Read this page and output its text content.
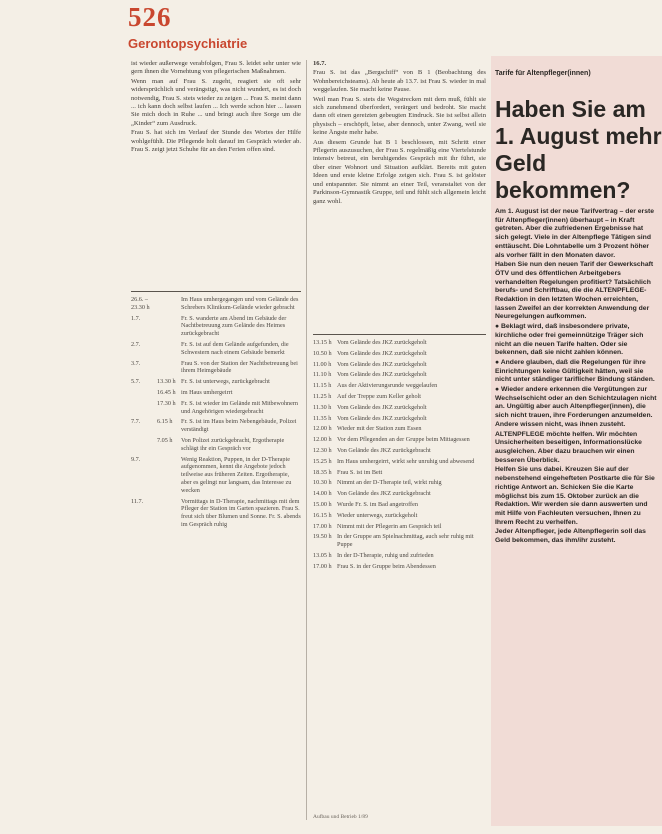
526
Gerontopsychiatrie

ist wieder außerwege verabfolgen, Frau S. leidet sehr unter wie gern ihnen die Vornehtung von pflegerischen Maßnahmen.

Wenn man auf Frau S. zugeht, reagiert sie oft sehr widersprüchlich und verängstigt, was nicht wundert, es ist doch notwendig, Frau S. stets wieder zu zeigen ... Frau S. meint dann ... ich kann doch selbst laufen ... Ich werde schon hier ... lassen Sie mich doch in Ruhe ... und bringt auch ihre Sorge um die „Kinder“ zum Ausdruck.

Frau S. hat sich im Verlauf der Stunde des Wortes der Hilfe wohlgefühlt. Die Pflegende holt darauf im Gespräch wieder ab. Frau S. zeigt jetzt Schuhe für an den Ferien offen sind.

16.7.

Frau S. ist das „Bergschiff“ von B 1 (Beobachtung des Wohnbereichsteams). Ab heute ab 13.7. ist Frau S. wieder in mal weggelaufen. Sie macht keine Pause.

Weil man Frau S. stets die Wegstrecken mit dem muß, fühlt sie sich zunehmend überfordert, verärgert und bedroht. Sie macht dann oft einen gereizten gebeugten Eindruck. Sie ist selbst allein physisch – erschöpft, leise, aber dennoch, unter Zwang, weil sie keine Ängste mehr habe.

Aus diesem Grunde hat B 1 beschlossen, mit Schritt einer Pflegerin auszusuchen, der Frau S. regelmäßig eine Viertelstunde intensiv betreut, ein beruhigendes Gespräch mit ihr führt, sie über einer Wohnort und Situation aufklärt. Bereits mit guten Ideen und erste kleine Erfolge zeigen sich. Frau S. ist gelöster und entspannter. Sie nimmt an einer Teil, veranstaltet von der Parkinson-Gymnastik Gruppe, teil und fühlt sich allgemein leicht ganz wohl.

26.6. – 23.30 h
Im Haus umhergegangen und vom Gelände des Schrebers Klinikum-Gelände wieder gebracht
1.7.	Fr. S. wanderte am Abend im Gebäude der Nachtbetreuung zum Gelände des Heimes zurückgebracht
2.7.	Fr. S. ist auf dem Gelände aufgefunden, die Schwestern nach einem Gebäude bemerkt
3.7.	Frau S. von der Station der Nachtbetreuung bei ihrem Heimgebäude
5.7.	13.30 h Fr. S. ist unterwegs, zurückgebracht
16.45 h im Haus umhergeirrt
17.30 h Fr. S. ist wieder im Gelände mit Mitbewohnern und Angehörigen wiedergebracht
7.7.	6.15 h	Fr. S. ist im Haus beim Nebengebäude, Polizei verständigt
7.05 h	Von Polizei zurückgebracht, Ergotherapie schlägt ihr ein Gespräch vor
9.7.	Wenig Reaktion, Puppen, in der D-Therapie aufgenommen, kennt die Angebote jedoch teilweise aus früheren Zeiten. Ergotherapie, aber es gelingt nur langsam, das Interesse zu wecken
11.7.	Vormittags in D-Therapie, nachmittags mit dem Pfleger der Station im Garten spazieren. Frau S. freut sich über Blumen und Sonne. Fr. S. abends im Gespräch ruhig
13.15 h Vom Gelände des JKZ zurückgeholt
10.50 h Vom Gelände des JKZ zurückgeholt
11.00 h Vom Gelände des JKZ zurückgeholt
11.10 h Vom Gelände des JKZ zurückgeholt
11.15 h Aus der Aktivierungsrunde weggelaufen
11.25 h Auf der Treppe zum Keller geholt
11.30 h Vom Gelände des JKZ zurückgeholt
11.35 h Vom Gelände des JKZ zurückgeholt
12.00 h Wieder mit der Station zum Essen
12.00 h Vor dem Pflegenden an der Gruppe beim Mittagessen
12.30 h Von Gelände des JKZ zurückgebracht
15.25 h Im Haus umhergeirrt, wirkt sehr unruhig und abwesend
18.35 h Frau S. ist im Bett
10.30 h Nimmt an der D-Therapie teil, wirkt ruhig
14.00 h Von Gelände des JKZ zurückgebracht
15.00 h Wurde Fr. S. im Bad angetroffen
16.15 h Wieder unterwegs, zurückgeholt
17.00 h Nimmt mit der Pflegerin am Gespräch teil
19.50 h In der Gruppe am Spielnachmittag, auch sehr ruhig mit Puppe
13.05 h In der D-Therapie, ruhig und zufrieden
17.00 h Frau S. in der Gruppe beim Abendessen
Aufbau und Betrieb 1/89
Tarife für Altenpfleger(innen)
Haben Sie am 1. August mehr Geld bekommen?

Am 1. August ist der neue Tarifvertrag – der erste für Altenpfleger(innen) überhaupt – in Kraft getreten. Aber die zufriedenen Ergebnisse hat sich gelegt. Viele in der Altenpflege Tätigen sind enttäuscht. Die Lohntabelle um 3 Prozent höher als vorher fällt in den Monaten davor.

Haben Sie nun den neuen Tarif der Gewerkschaft ÖTV und des öffentlichen Arbeitgebers verhandelten Regelungen profitiert? Tatsächlich berufs- und Schriftbau, die die ALTENPFLEGE-Redaktion in den letzten Wochen erreichten, lassen Zweifel an der korrekten Anwendung der Neuregelungen aufkommen.

● Beklagt wird, daß insbesondere private, kirchliche oder frei gemeinnützige Träger sich nicht an die neuen Tarife halten. Oder sie bekennen, daß sie nicht zahlen können.

● Andere glauben, daß die Regelungen für ihre Einrichtungen keine Gültigkeit hätten, weil sie nicht unter ständiger tariflicher Bindung ständen.

● Wieder andere erkennen die Vergütungen zur Wechselschicht oder an den Schichtzulagen nicht an. Ungültig aber auch Altenpfleger(innen), die sich nicht trauen, ihre Forderungen anzumelden. Andere wissen nicht, was ihnen zusteht.

ALTENPFLEGE möchte helfen. Wir möchten Unsicherheiten beseitigen, Informationslücke ausgleichen. Aber dazu brauchen wir einen besseren Überblick.

Helfen Sie uns dabei. Kreuzen Sie auf der nebenstehend eingehefteten Postkarte die für Sie richtige Antwort an. Schicken Sie die Karte möglichst bis zum 15. Oktober zurück an die Redaktion. Wir werden sie dann auswerten und mit Hilfe von Fachleuten versuchen, Ihnen zu Ihrem Recht zu verhelfen.

Jeder Altenpfleger, jede Altenpflegerin soll das Geld bekommen, das ihm/ihr zusteht.
